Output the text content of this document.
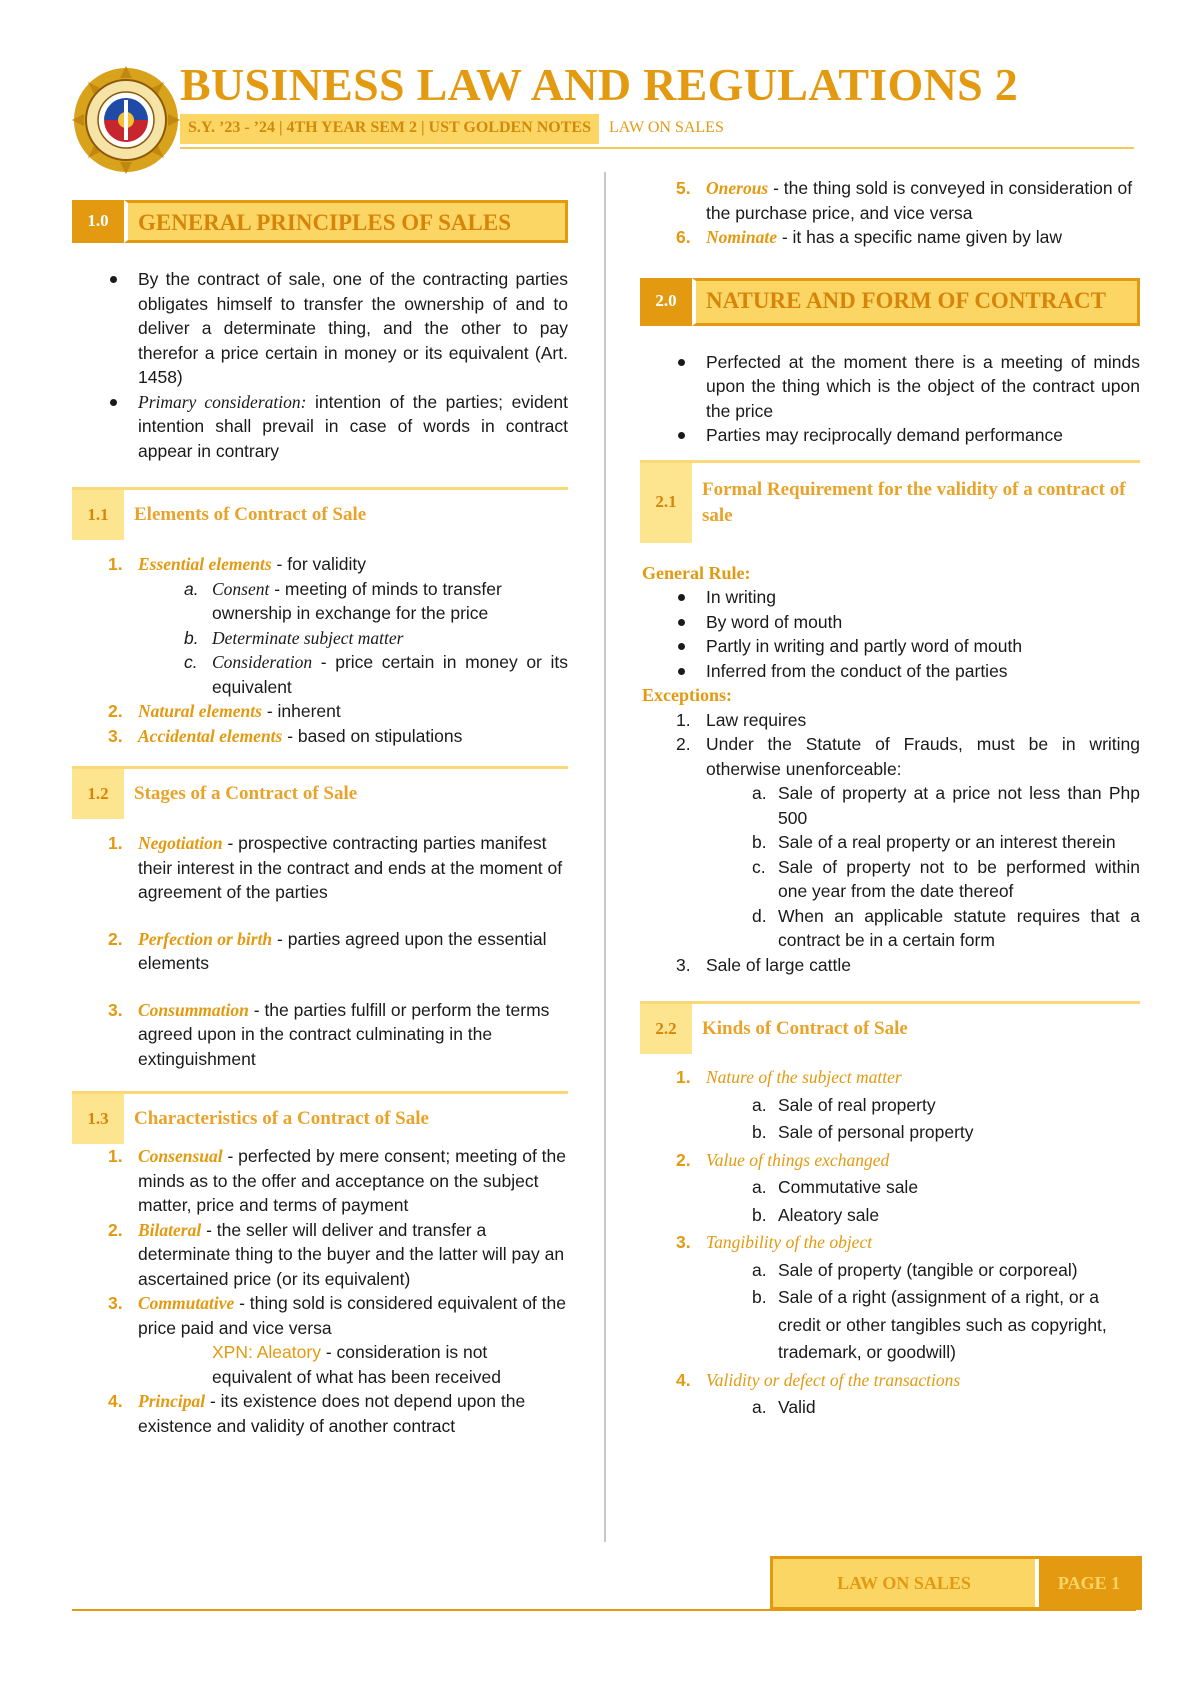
BUSINESS LAW AND REGULATIONS 2
S.Y. ’23 - ’24 | 4TH YEAR SEM 2 | UST GOLDEN NOTES	LAW ON SALES
1.0	GENERAL PRINCIPLES OF SALES
By the contract of sale, one of the contracting parties obligates himself to transfer the ownership of and to deliver a determinate thing, and the other to pay therefor a price certain in money or its equivalent (Art. 1458)
Primary consideration: intention of the parties; evident intention shall prevail in case of words in contract appear in contrary
1.1	Elements of Contract of Sale
1. Essential elements - for validity
a. Consent - meeting of minds to transfer ownership in exchange for the price
b. Determinate subject matter
c. Consideration - price certain in money or its equivalent
2. Natural elements - inherent
3. Accidental elements - based on stipulations
1.2	Stages of a Contract of Sale
1. Negotiation - prospective contracting parties manifest their interest in the contract and ends at the moment of agreement of the parties
2. Perfection or birth - parties agreed upon the essential elements
3. Consummation - the parties fulfill or perform the terms agreed upon in the contract culminating in the extinguishment
1.3	Characteristics of a Contract of Sale
1. Consensual - perfected by mere consent; meeting of the minds as to the offer and acceptance on the subject matter, price and terms of payment
2. Bilateral - the seller will deliver and transfer a determinate thing to the buyer and the latter will pay an ascertained price (or its equivalent)
3. Commutative - thing sold is considered equivalent of the price paid and vice versa
XPN: Aleatory - consideration is not equivalent of what has been received
4. Principal - its existence does not depend upon the existence and validity of another contract
5. Onerous - the thing sold is conveyed in consideration of the purchase price, and vice versa
6. Nominate - it has a specific name given by law
2.0	NATURE AND FORM OF CONTRACT
Perfected at the moment there is a meeting of minds upon the thing which is the object of the contract upon the price
Parties may reciprocally demand performance
2.1
Formal Requirement for the validity of a contract of sale
General Rule:
In writing
By word of mouth
Partly in writing and partly word of mouth
Inferred from the conduct of the parties
Exceptions:
1. Law requires
2. Under the Statute of Frauds, must be in writing otherwise unenforceable:
a. Sale of property at a price not less than Php 500
b. Sale of a real property or an interest therein
c. Sale of property not to be performed within one year from the date thereof
d. When an applicable statute requires that a contract be in a certain form
3. Sale of large cattle
2.2	Kinds of Contract of Sale
1. Nature of the subject matter
a. Sale of real property
b. Sale of personal property
2. Value of things exchanged
a. Commutative sale
b. Aleatory sale
3. Tangibility of the object
a. Sale of property (tangible or corporeal)
b. Sale of a right (assignment of a right, or a credit or other tangibles such as copyright, trademark, or goodwill)
4. Validity or defect of the transactions
a. Valid
LAW ON SALES	PAGE 1
